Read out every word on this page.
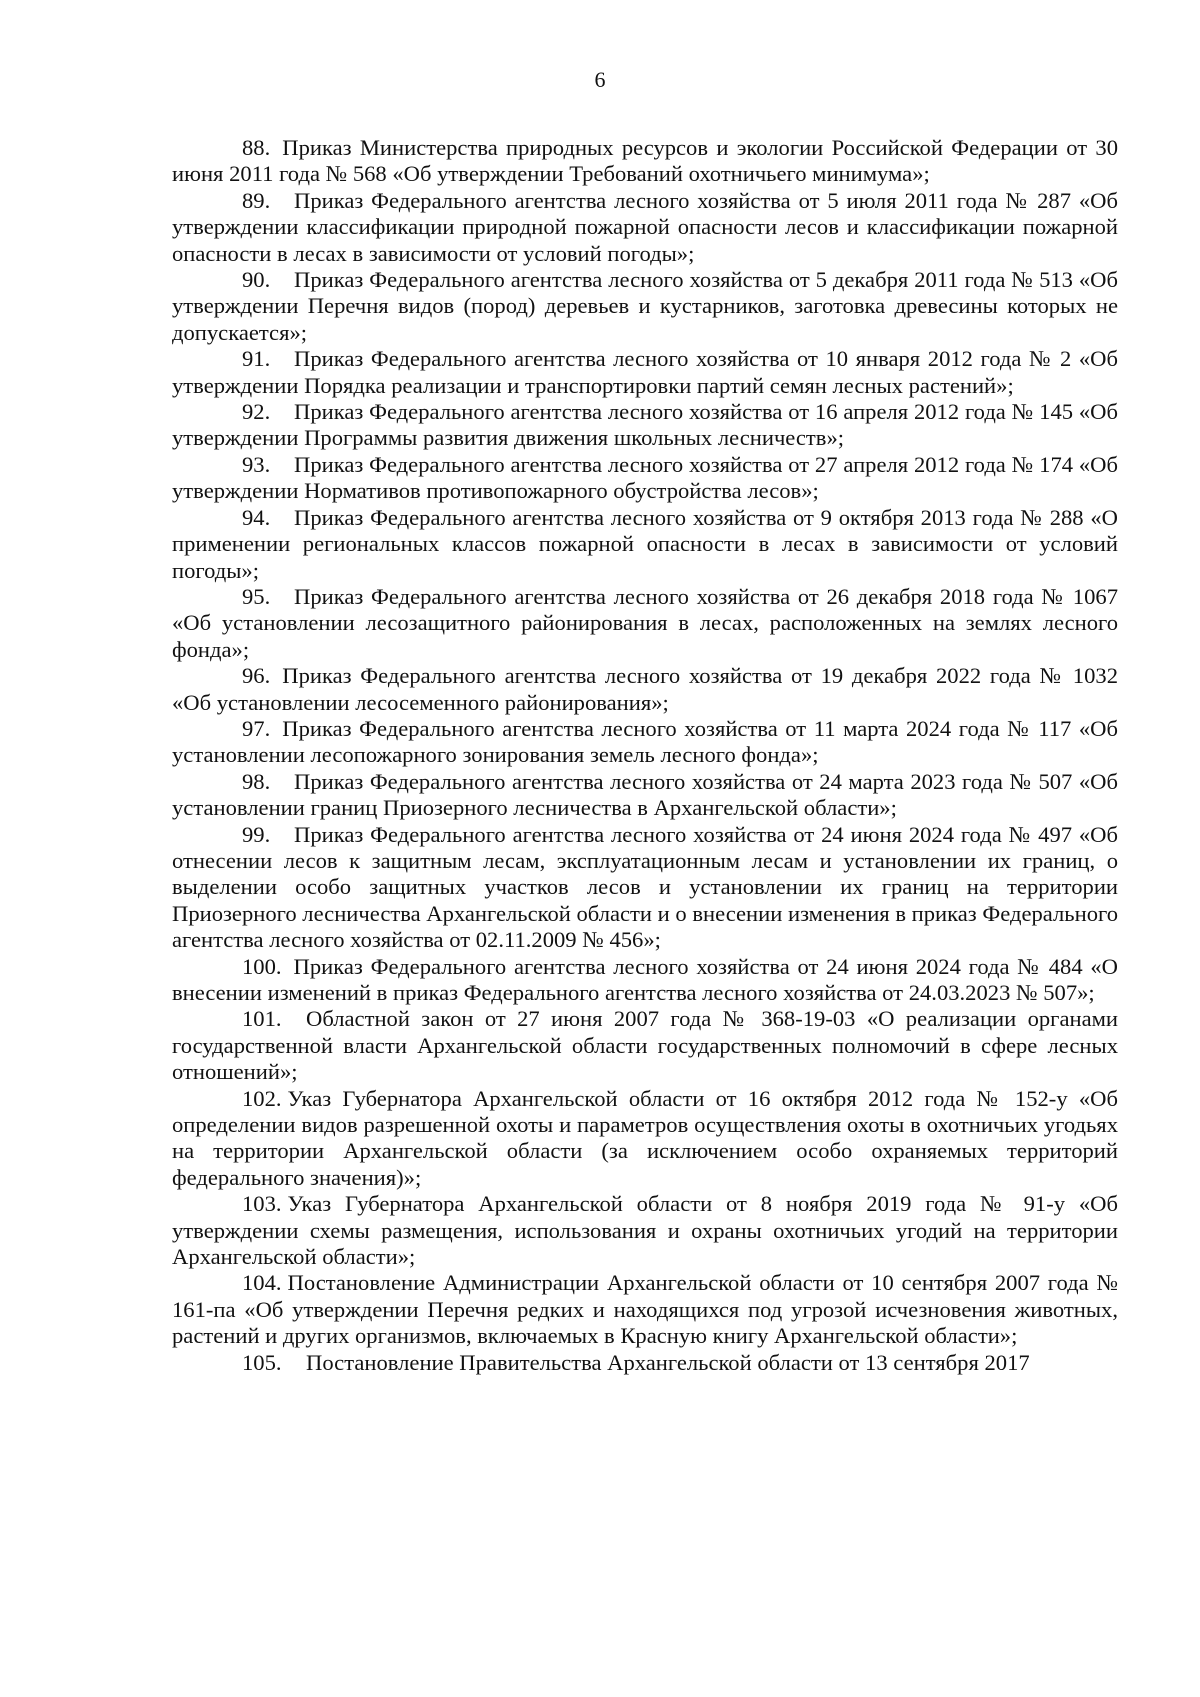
6

88. Приказ Министерства природных ресурсов и экологии Российской Федерации от 30 июня 2011 года № 568 «Об утверждении Требований охотничьего минимума»;

89. Приказ Федерального агентства лесного хозяйства от 5 июля 2011 года № 287 «Об утверждении классификации природной пожарной опасности лесов и классификации пожарной опасности в лесах в зависимости от условий погоды»;

90. Приказ Федерального агентства лесного хозяйства от 5 декабря 2011 года № 513 «Об утверждении Перечня видов (пород) деревьев и кустарников, заготовка древесины которых не допускается»;

91. Приказ Федерального агентства лесного хозяйства от 10 января 2012 года № 2 «Об утверждении Порядка реализации и транспортировки партий семян лесных растений»;

92. Приказ Федерального агентства лесного хозяйства от 16 апреля 2012 года № 145 «Об утверждении Программы развития движения школьных лесничеств»;

93. Приказ Федерального агентства лесного хозяйства от 27 апреля 2012 года № 174 «Об утверждении Нормативов противопожарного обустройства лесов»;

94. Приказ Федерального агентства лесного хозяйства от 9 октября 2013 года № 288 «О применении региональных классов пожарной опасности в лесах в зависимости от условий погоды»;

95. Приказ Федерального агентства лесного хозяйства от 26 декабря 2018 года № 1067 «Об установлении лесозащитного районирования в лесах, расположенных на землях лесного фонда»;

96. Приказ Федерального агентства лесного хозяйства от 19 декабря 2022 года № 1032 «Об установлении лесосеменного районирования»;

97. Приказ Федерального агентства лесного хозяйства от 11 марта 2024 года № 117 «Об установлении лесопожарного зонирования земель лесного фонда»;

98. Приказ Федерального агентства лесного хозяйства от 24 марта 2023 года № 507 «Об установлении границ Приозерного лесничества в Архангельской области»;

99. Приказ Федерального агентства лесного хозяйства от 24 июня 2024 года № 497 «Об отнесении лесов к защитным лесам, эксплуатационным лесам и установлении их границ, о выделении особо защитных участков лесов и установлении их границ на территории Приозерного лесничества Архангельской области и о внесении изменения в приказ Федерального агентства лесного хозяйства от 02.11.2009 № 456»;

100. Приказ Федерального агентства лесного хозяйства от 24 июня 2024 года № 484 «О внесении изменений в приказ Федерального агентства лесного хозяйства от 24.03.2023 № 507»;

101. Областной закон от 27 июня 2007 года № 368-19-03 «О реализации органами государственной власти Архангельской области государственных полномочий в сфере лесных отношений»;

102. Указ Губернатора Архангельской области от 16 октября 2012 года № 152-у «Об определении видов разрешенной охоты и параметров осуществления охоты в охотничьих угодьях на территории Архангельской области (за исключением особо охраняемых территорий федерального значения)»;

103. Указ Губернатора Архангельской области от 8 ноября 2019 года № 91-у «Об утверждении схемы размещения, использования и охраны охотничьих угодий на территории Архангельской области»;

104. Постановление Администрации Архангельской области от 10 сентября 2007 года № 161-па «Об утверждении Перечня редких и находящихся под угрозой исчезновения животных, растений и других организмов, включаемых в Красную книгу Архангельской области»;

105. Постановление Правительства Архангельской области от 13 сентября 2017
